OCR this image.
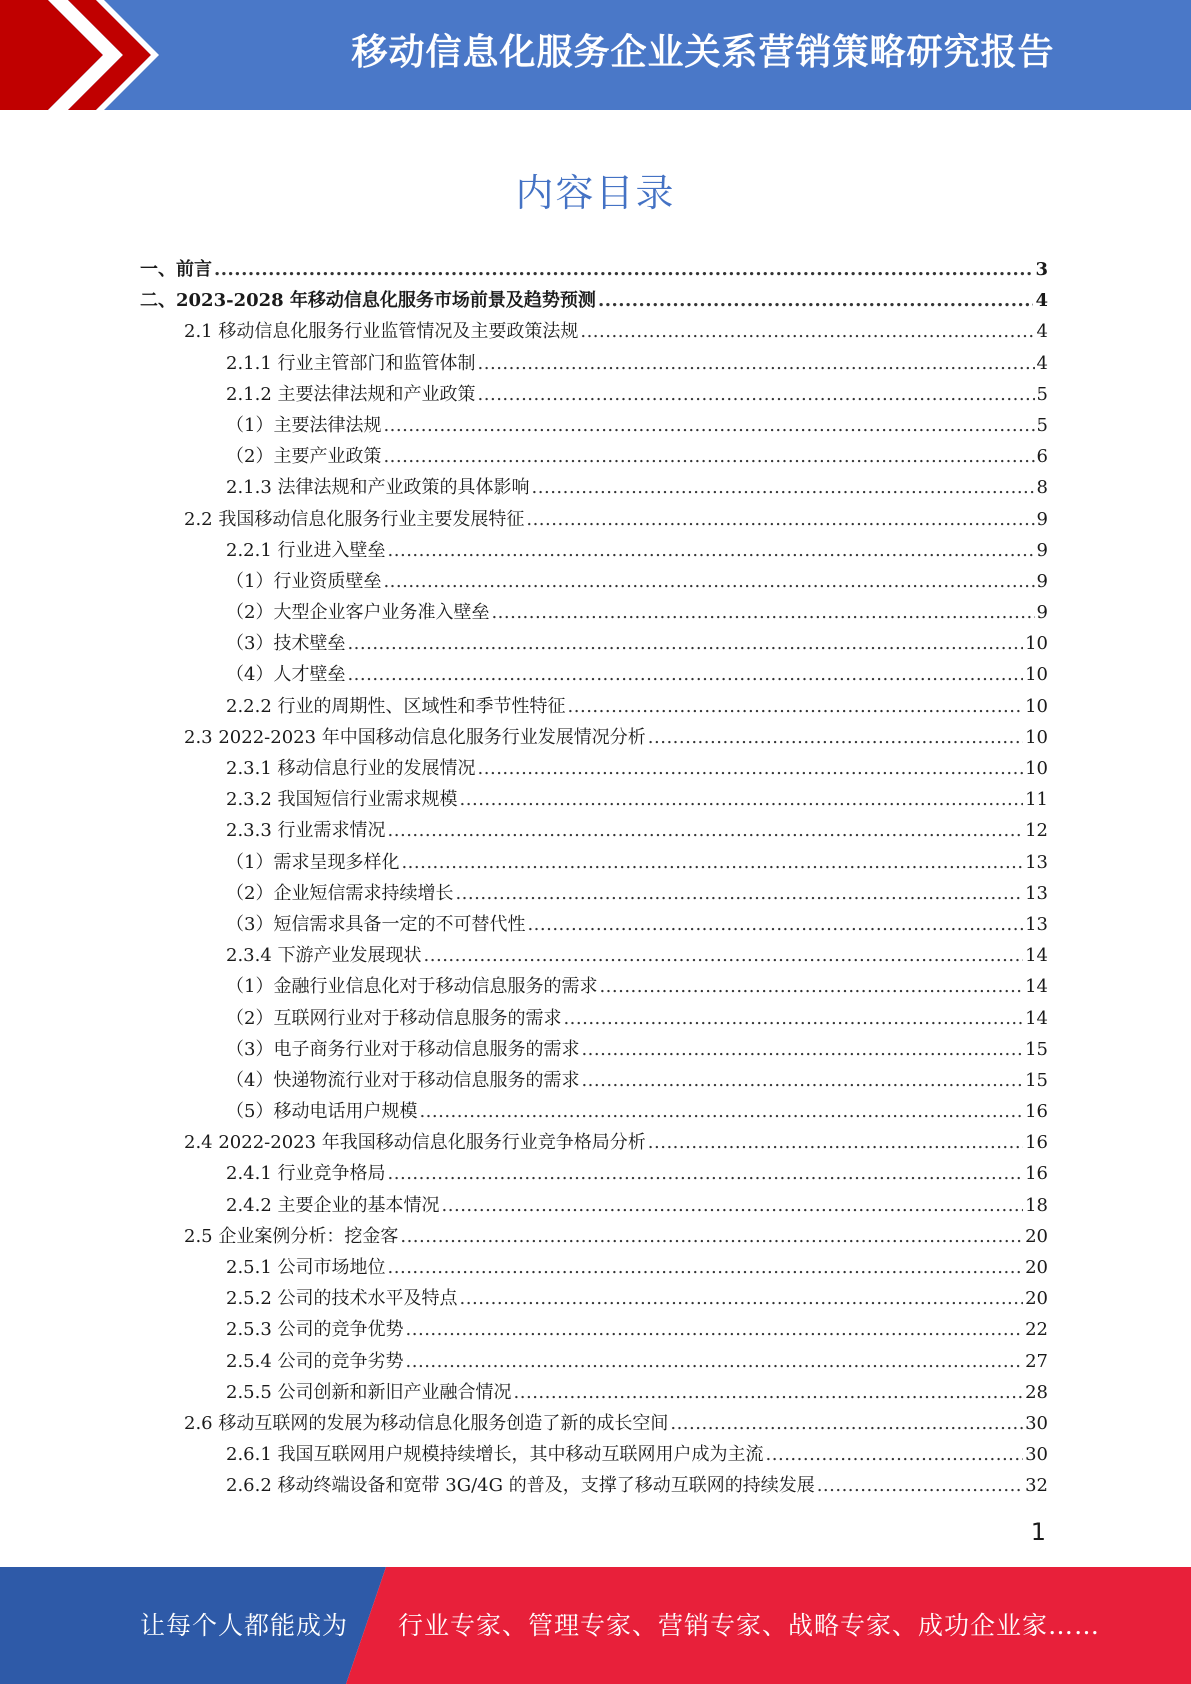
移动信息化服务企业关系营销策略研究报告
内容目录
一、前言 .....	3
二、2023-2028 年移动信息化服务市场前景及趋势预测 .....	4
2.1 移动信息化服务行业监管情况及主要政策法规 .....	4
2.1.1 行业主管部门和监管体制 .....	4
2.1.2 主要法律法规和产业政策 .....	5
（1）主要法律法规 .....	5
（2）主要产业政策 .....	6
2.1.3 法律法规和产业政策的具体影响 .....	8
2.2 我国移动信息化服务行业主要发展特征 .....	9
2.2.1 行业进入壁垒 .....	9
（1）行业资质壁垒 .....	9
（2）大型企业客户业务准入壁垒 .....	9
（3）技术壁垒 .....	10
（4）人才壁垒 .....	10
2.2.2 行业的周期性、区域性和季节性特征 .....	10
2.3 2022-2023 年中国移动信息化服务行业发展情况分析 .....	10
2.3.1 移动信息行业的发展情况 .....	10
2.3.2 我国短信行业需求规模 .....	11
2.3.3 行业需求情况 .....	12
（1）需求呈现多样化 .....	13
（2）企业短信需求持续增长 .....	13
（3）短信需求具备一定的不可替代性 .....	13
2.3.4 下游产业发展现状 .....	14
（1）金融行业信息化对于移动信息服务的需求 .....	14
（2）互联网行业对于移动信息服务的需求 .....	14
（3）电子商务行业对于移动信息服务的需求 .....	15
（4）快递物流行业对于移动信息服务的需求 .....	15
（5）移动电话用户规模 .....	16
2.4 2022-2023 年我国移动信息化服务行业竞争格局分析 .....	16
2.4.1 行业竞争格局 .....	16
2.4.2 主要企业的基本情况 .....	18
2.5 企业案例分析：挖金客 .....	20
2.5.1 公司市场地位 .....	20
2.5.2 公司的技术水平及特点 .....	20
2.5.3 公司的竞争优势 .....	22
2.5.4 公司的竞争劣势 .....	27
2.5.5 公司创新和新旧产业融合情况 .....	28
2.6 移动互联网的发展为移动信息化服务创造了新的成长空间 .....	30
2.6.1 我国互联网用户规模持续增长，其中移动互联网用户成为主流 .....	30
2.6.2 移动终端设备和宽带 3G/4G 的普及，支撑了移动互联网的持续发展 .....	32
1
让每个人都能成为 行业专家、管理专家、营销专家、战略专家、成功企业家……
